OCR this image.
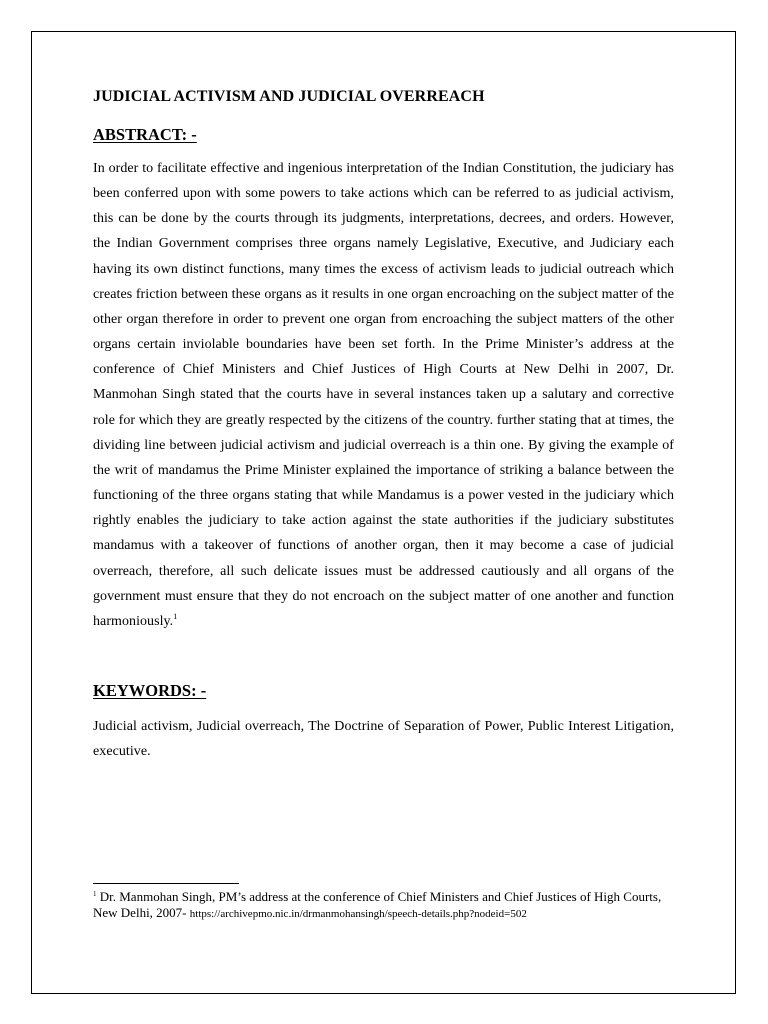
JUDICIAL ACTIVISM AND JUDICIAL OVERREACH
ABSTRACT: -

In order to facilitate effective and ingenious interpretation of the Indian Constitution, the judiciary has been conferred upon with some powers to take actions which can be referred to as judicial activism, this can be done by the courts through its judgments, interpretations, decrees, and orders. However, the Indian Government comprises three organs namely Legislative, Executive, and Judiciary each having its own distinct functions, many times the excess of activism leads to judicial outreach which creates friction between these organs as it results in one organ encroaching on the subject matter of the other organ therefore in order to prevent one organ from encroaching the subject matters of the other organs certain inviolable boundaries have been set forth. In the Prime Minister’s address at the conference of Chief Ministers and Chief Justices of High Courts at New Delhi in 2007, Dr. Manmohan Singh stated that the courts have in several instances taken up a salutary and corrective role for which they are greatly respected by the citizens of the country. further stating that at times, the dividing line between judicial activism and judicial overreach is a thin one. By giving the example of the writ of mandamus the Prime Minister explained the importance of striking a balance between the functioning of the three organs stating that while Mandamus is a power vested in the judiciary which rightly enables the judiciary to take action against the state authorities if the judiciary substitutes mandamus with a takeover of functions of another organ, then it may become a case of judicial overreach, therefore, all such delicate issues must be addressed cautiously and all organs of the government must ensure that they do not encroach on the subject matter of one another and function harmoniously.$^1$

KEYWORDS: -

Judicial activism, Judicial overreach, The Doctrine of Separation of Power, Public Interest Litigation, executive.

$^1$ Dr. Manmohan Singh, PM’s address at the conference of Chief Ministers and Chief Justices of High Courts, New Delhi, 2007- https://archivepmo.nic.in/drmanmohansingh/speech-details.php?nodeid=502
